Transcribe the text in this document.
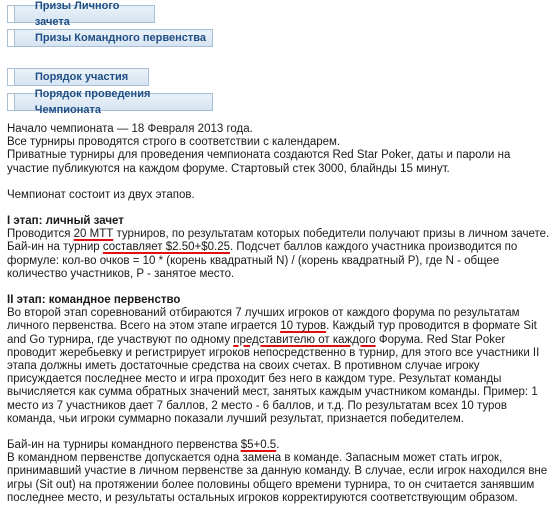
Призы Личного зачета
Призы Командного первенства
Порядок участия
Порядок проведения Чемпионата

Начало чемпионата — 18 Февраля 2013 года.

Все турниры проводятся строго в соответствии с календарем.

Приватные турниры для проведения чемпионата создаются Red Star Poker, даты и пароли на участие публикуются на каждом форуме. Стартовый стек 3000, блайнды 15 минут.

Чемпионат состоит из двух этапов.

I этап: личный зачет

Проводится 20 МТТ турниров, по результатам которых победители получают призы в личном зачете. Бай-ин на турнир составляет $2.50+$0.25. Подсчет баллов каждого участника производится по формуле: кол-во очков = 10 * (корень квадратный N) / (корень квадратный P), где N - общее количество участников, P - занятое место.

II этап: командное первенство

Во второй этап соревнований отбираются 7 лучших игроков от каждого форума по результатам личного первенства. Всего на этом этапе играется 10 туров. Каждый тур проводится в формате Sit and Go турнира, где участвуют по одному представителю от каждого Форума. Red Star Poker проводит жеребьевку и регистрирует игроков непосредственно в турнир, для этого все участники II этапа должны иметь достаточные средства на своих счетах. В противном случае игроку присуждается последнее место и игра проходит без него в каждом туре. Результат команды вычисляется как сумма обратных значений мест, занятых каждым участником команды. Пример: 1 место из 7 участников дает 7 баллов, 2 место - 6 баллов, и т.д. По результатам всех 10 туров команда, чьи игроки суммарно показали лучший результат, признается победителем.

Бай-ин на турниры командного первенства $5+0.5.

В командном первенстве допускается одна замена в команде. Запасным может стать игрок, принимавший участие в личном первенстве за данную команду. В случае, если игрок находился вне игры (Sit out) на протяжении более половины общего времени турнира, то он считается занявшим последнее место, и результаты остальных игроков корректируются соответствующим образом.
